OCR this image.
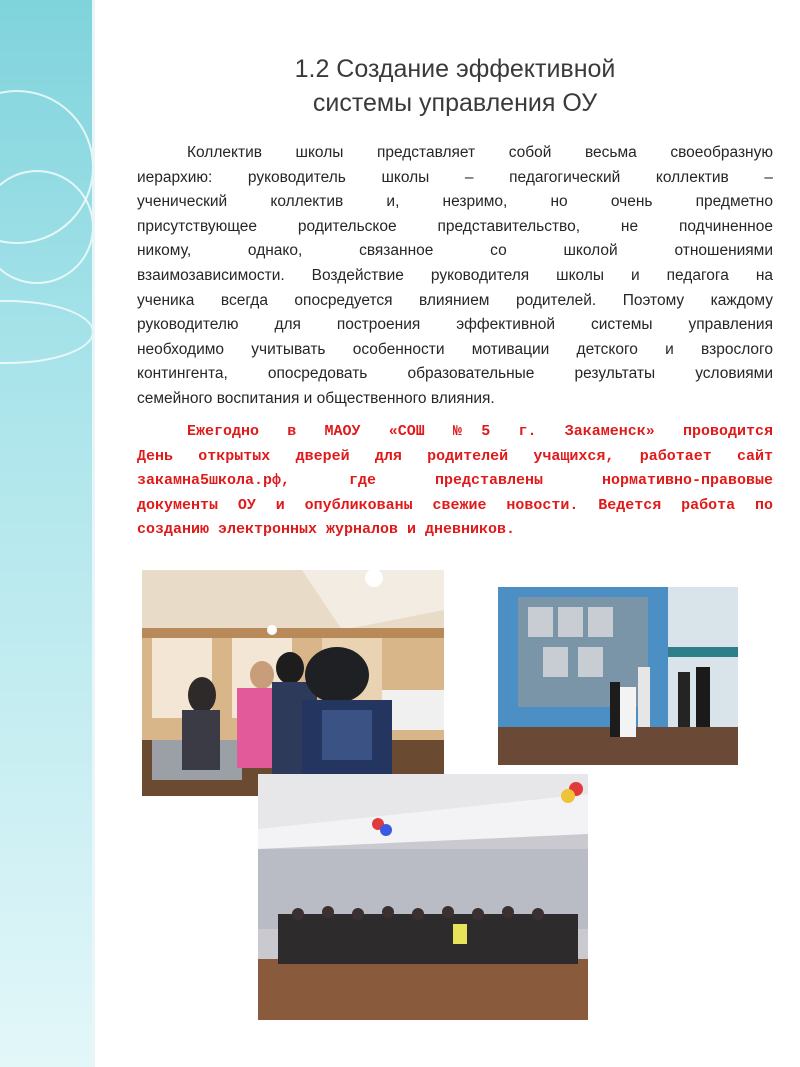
1.2 Создание эффективной
системы управления ОУ
Коллектив школы представляет собой весьма своеобразную
иерархию: руководитель школы – педагогический коллектив –
ученический коллектив и, незримо, но очень предметно
присутствующее родительское представительство, не подчиненное
никому, однако, связанное со школой отношениями
взаимозависимости. Воздействие руководителя школы и педагога на
ученика всегда опосредуется влиянием родителей. Поэтому каждому
руководителю для построения эффективной системы управления
необходимо учитывать особенности мотивации детского и взрослого
контингента, опосредовать образовательные результаты условиями
семейного воспитания и общественного влияния.
Ежегодно в МАОУ «СОШ №5 г. Закаменск» проводится
День открытых дверей для родителей учащихся, работает сайт
закамна5школа.рф, где представлены нормативно-правовые
документы ОУ и опубликованы свежие новости. Ведется работа по
созданию электронных журналов и дневников.
